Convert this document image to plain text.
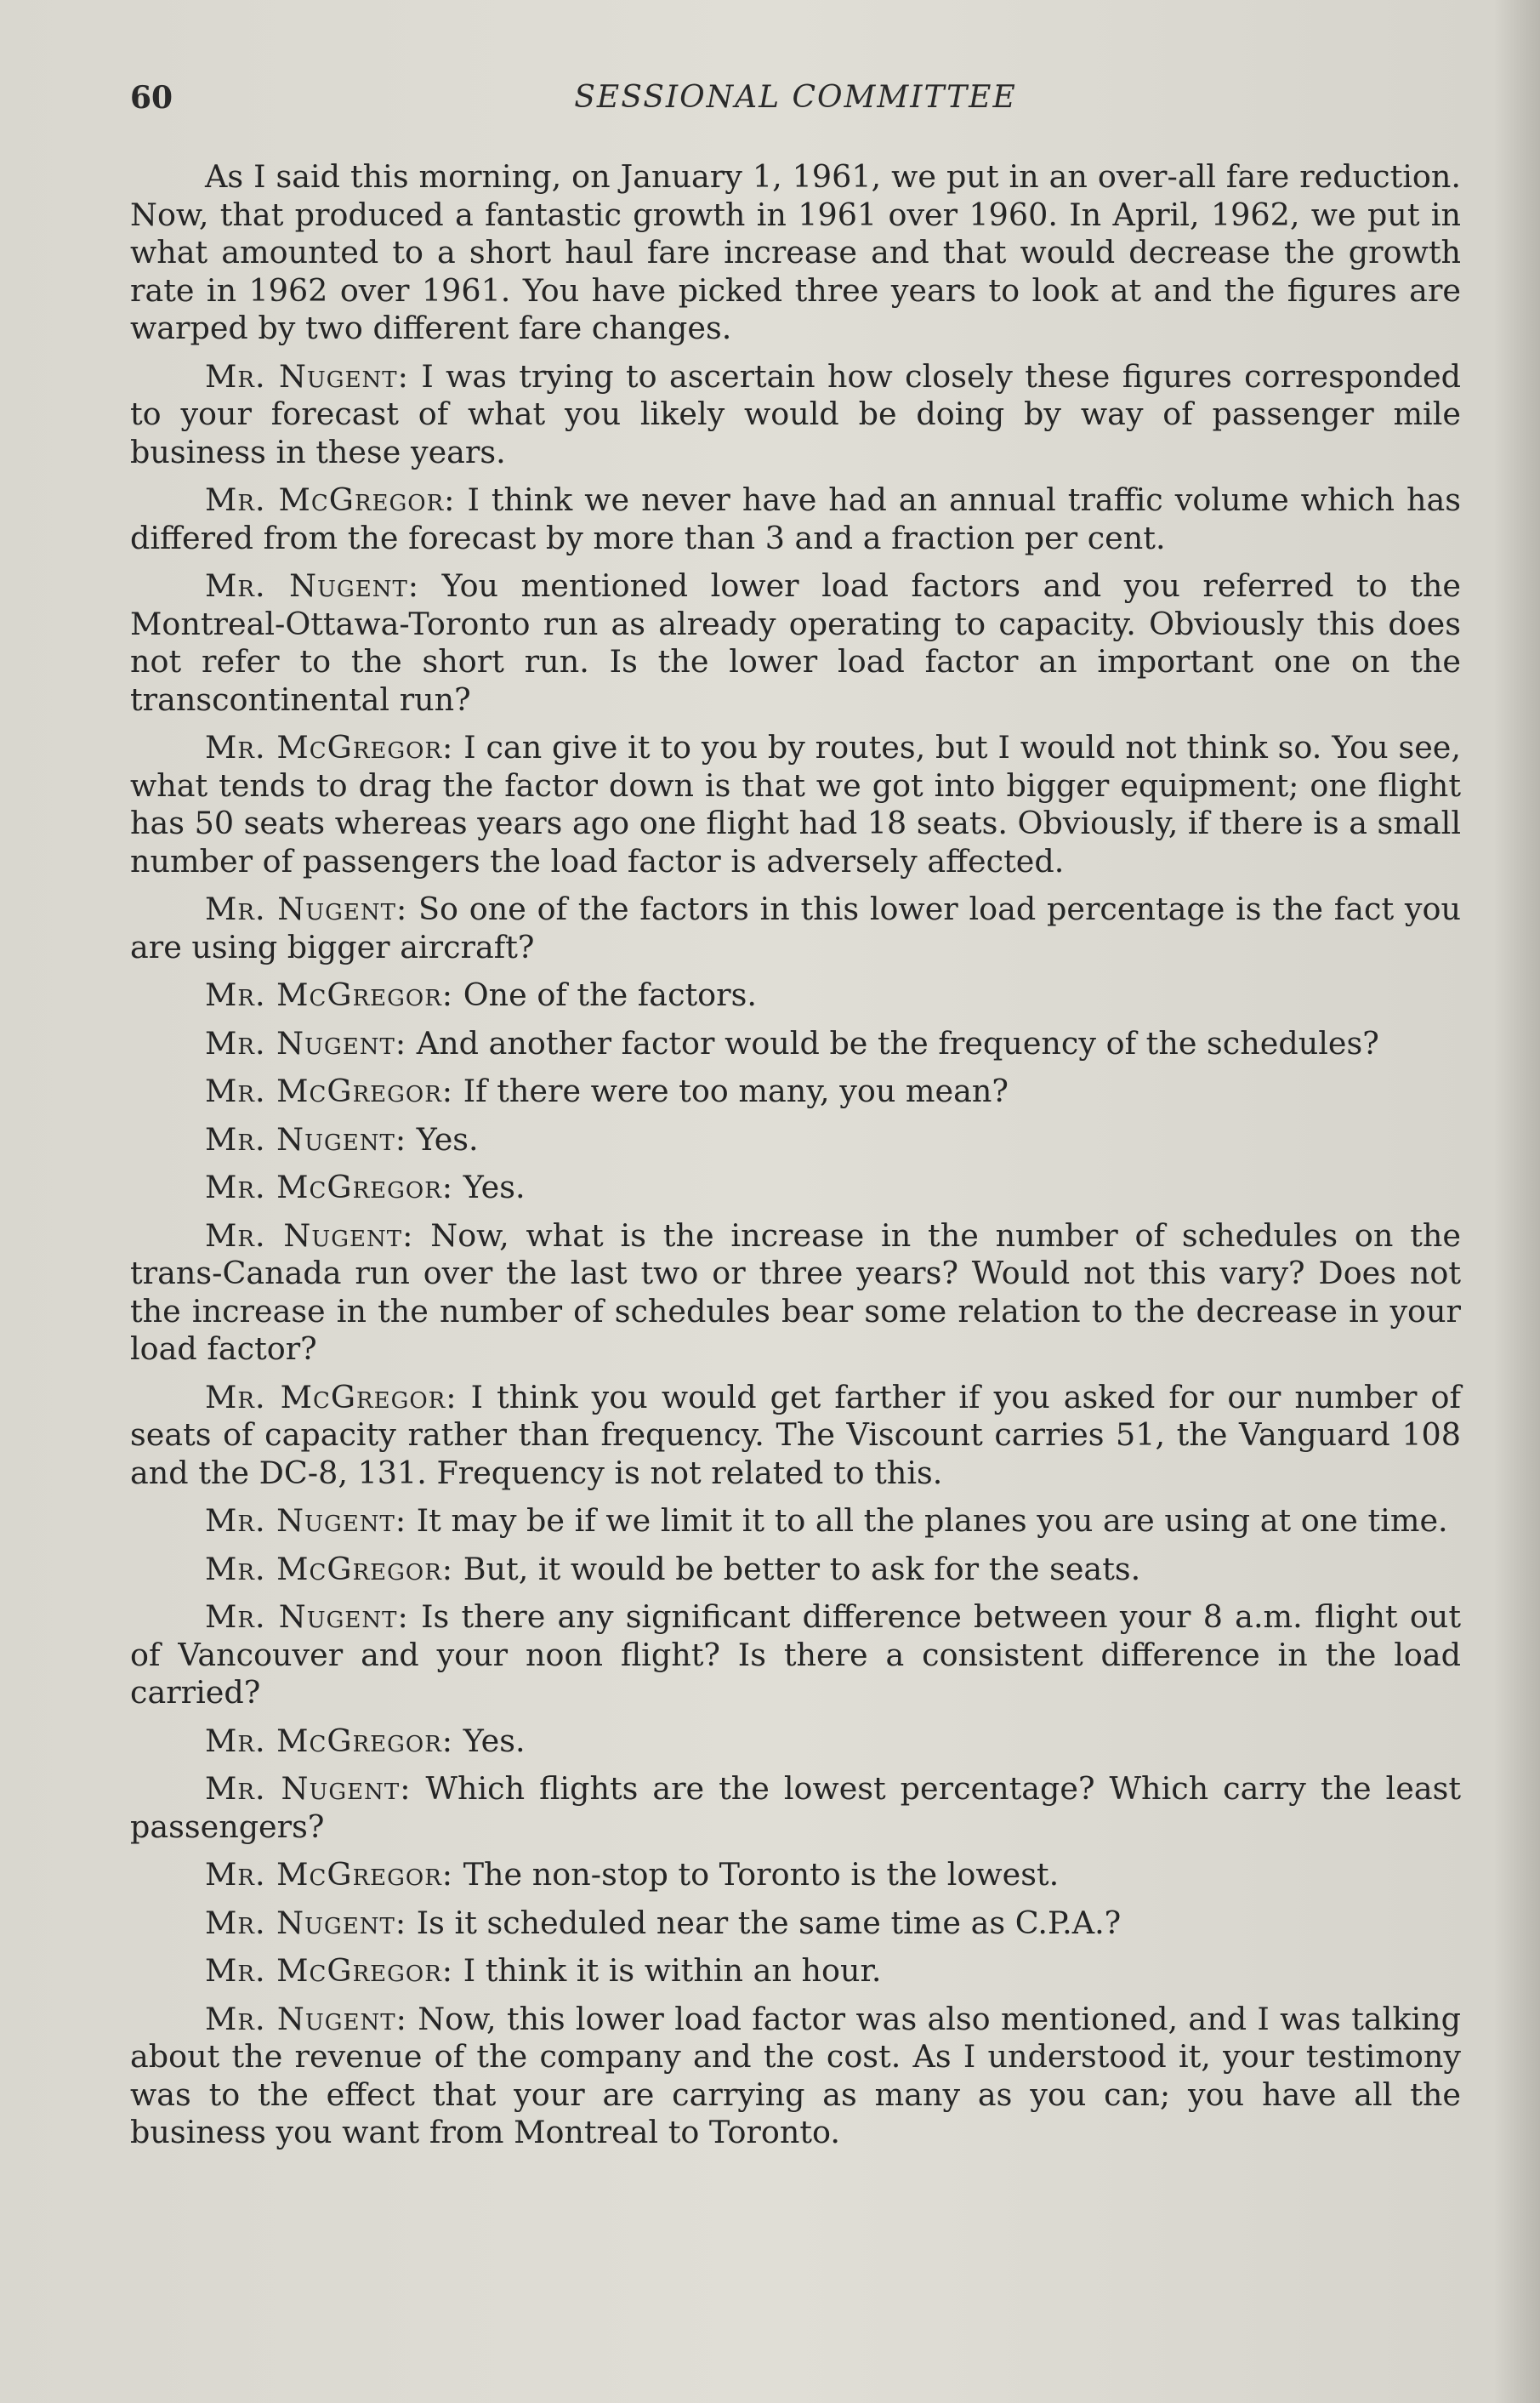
60	SESSIONAL COMMITTEE

As I said this morning, on January 1, 1961, we put in an over-all fare reduction. Now, that produced a fantastic growth in 1961 over 1960. In April, 1962, we put in what amounted to a short haul fare increase and that would decrease the growth rate in 1962 over 1961. You have picked three years to look at and the figures are warped by two different fare changes.

Mr. Nugent: I was trying to ascertain how closely these figures corresponded to your forecast of what you likely would be doing by way of passenger mile business in these years.

Mr. McGregor: I think we never have had an annual traffic volume which has differed from the forecast by more than 3 and a fraction per cent.

Mr. Nugent: You mentioned lower load factors and you referred to the Montreal-Ottawa-Toronto run as already operating to capacity. Obviously this does not refer to the short run. Is the lower load factor an important one on the transcontinental run?

Mr. McGregor: I can give it to you by routes, but I would not think so. You see, what tends to drag the factor down is that we got into bigger equipment; one flight has 50 seats whereas years ago one flight had 18 seats. Obviously, if there is a small number of passengers the load factor is adversely affected.

Mr. Nugent: So one of the factors in this lower load percentage is the fact you are using bigger aircraft?

Mr. McGregor: One of the factors.

Mr. Nugent: And another factor would be the frequency of the schedules?

Mr. McGregor: If there were too many, you mean?

Mr. Nugent: Yes.

Mr. McGregor: Yes.

Mr. Nugent: Now, what is the increase in the number of schedules on the trans-Canada run over the last two or three years? Would not this vary? Does not the increase in the number of schedules bear some relation to the decrease in your load factor?

Mr. McGregor: I think you would get farther if you asked for our number of seats of capacity rather than frequency. The Viscount carries 51, the Vanguard 108 and the DC-8, 131. Frequency is not related to this.

Mr. Nugent: It may be if we limit it to all the planes you are using at one time.

Mr. McGregor: But, it would be better to ask for the seats.

Mr. Nugent: Is there any significant difference between your 8 a.m. flight out of Vancouver and your noon flight? Is there a consistent difference in the load carried?

Mr. McGregor: Yes.

Mr. Nugent: Which flights are the lowest percentage? Which carry the least passengers?

Mr. McGregor: The non-stop to Toronto is the lowest.

Mr. Nugent: Is it scheduled near the same time as C.P.A.?

Mr. McGregor: I think it is within an hour.

Mr. Nugent: Now, this lower load factor was also mentioned, and I was talking about the revenue of the company and the cost. As I understood it, your testimony was to the effect that your are carrying as many as you can; you have all the business you want from Montreal to Toronto.
